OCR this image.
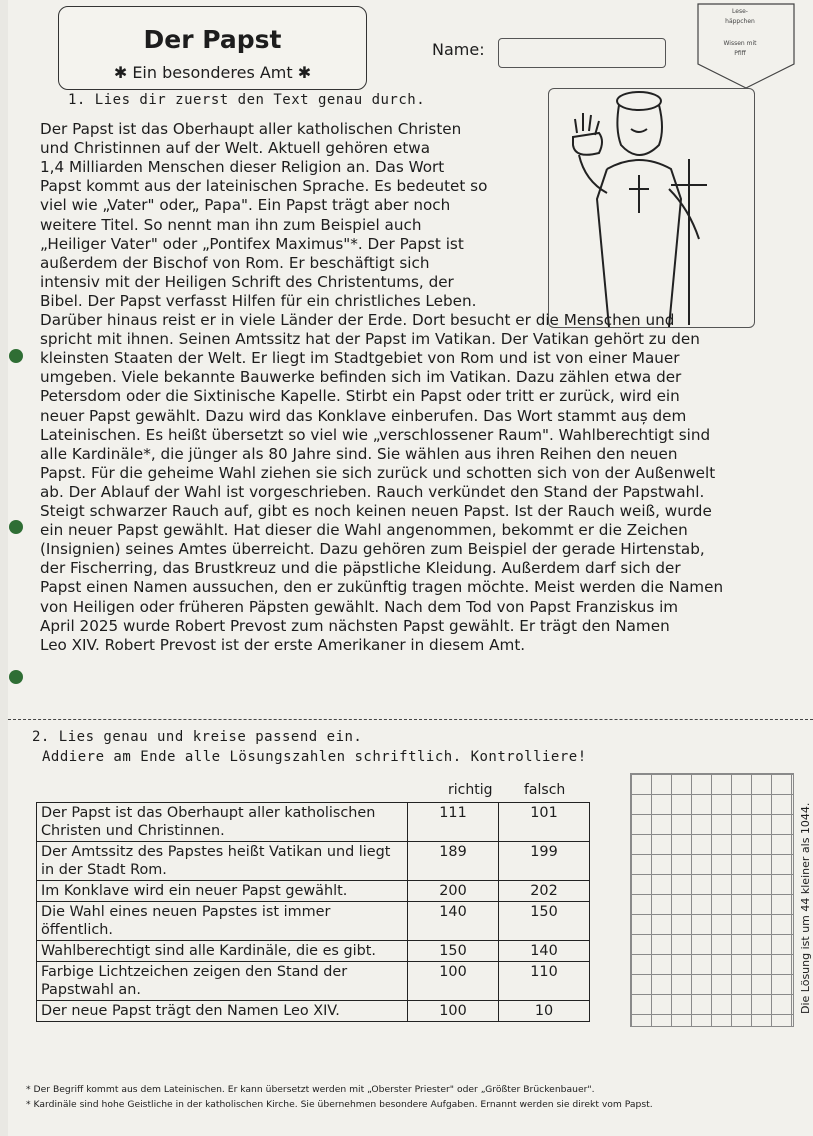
Der Papst
✱ Ein besonderes Amt ✱
Name:
Lese-
häppchen
Wissen mit
Pfiff
1. Lies dir zuerst den Text genau durch.
Der Papst ist das Oberhaupt aller katholischen Christen
und Christinnen auf der Welt. Aktuell gehören etwa
1,4 Milliarden Menschen dieser Religion an. Das Wort
Papst kommt aus der lateinischen Sprache. Es bedeutet so
viel wie „Vater" oder„ Papa". Ein Papst trägt aber noch
weitere Titel. So nennt man ihn zum Beispiel auch
„Heiliger Vater" oder „Pontifex Maximus"*. Der Papst ist
außerdem der Bischof von Rom. Er beschäftigt sich
intensiv mit der Heiligen Schrift des Christentums, der
Bibel. Der Papst verfasst Hilfen für ein christliches Leben.
Darüber hinaus reist er in viele Länder der Erde. Dort besucht er die Menschen und
spricht mit ihnen. Seinen Amtssitz hat der Papst im Vatikan. Der Vatikan gehört zu den
kleinsten Staaten der Welt. Er liegt im Stadtgebiet von Rom und ist von einer Mauer
umgeben. Viele bekannte Bauwerke befinden sich im Vatikan. Dazu zählen etwa der
Petersdom oder die Sixtinische Kapelle. Stirbt ein Papst oder tritt er zurück, wird ein
neuer Papst gewählt. Dazu wird das Konklave einberufen. Das Wort stammt auș dem
Lateinischen. Es heißt übersetzt so viel wie „verschlossener Raum". Wahlberechtigt sind
alle Kardinäle*, die jünger als 80 Jahre sind. Sie wählen aus ihren Reihen den neuen
Papst. Für die geheime Wahl ziehen sie sich zurück und schotten sich von der Außenwelt
ab. Der Ablauf der Wahl ist vorgeschrieben. Rauch verkündet den Stand der Papstwahl.
Steigt schwarzer Rauch auf, gibt es noch keinen neuen Papst. Ist der Rauch weiß, wurde
ein neuer Papst gewählt. Hat dieser die Wahl angenommen, bekommt er die Zeichen
(Insignien) seines Amtes überreicht. Dazu gehören zum Beispiel der gerade Hirtenstab,
der Fischerring, das Brustkreuz und die päpstliche Kleidung. Außerdem darf sich der
Papst einen Namen aussuchen, den er zukünftig tragen möchte. Meist werden die Namen
von Heiligen oder früheren Päpsten gewählt. Nach dem Tod von Papst Franziskus im
April 2025 wurde Robert Prevost zum nächsten Papst gewählt. Er trägt den Namen
Leo XIV. Robert Prevost ist der erste Amerikaner in diesem Amt.
2. Lies genau und kreise passend ein.
Addiere am Ende alle Lösungszahlen schriftlich. Kontrolliere!
richtig falsch
Der Papst ist das Oberhaupt aller katholischen Christen und Christinnen.	111	101
Der Amtssitz des Papstes heißt Vatikan und liegt in der Stadt Rom.	189	199
Im Konklave wird ein neuer Papst gewählt.	200	202
Die Wahl eines neuen Papstes ist immer öffentlich.	140	150
Wahlberechtigt sind alle Kardinäle, die es gibt.	150	140
Farbige Lichtzeichen zeigen den Stand der Papstwahl an.	100	110
Der neue Papst trägt den Namen Leo XIV.	100	10	Die Lösung ist um 44 kleiner als 1044.
* Der Begriff kommt aus dem Lateinischen. Er kann übersetzt werden mit „Oberster Priester" oder „Größter Brückenbauer".
* Kardinäle sind hohe Geistliche in der katholischen Kirche. Sie übernehmen besondere Aufgaben. Ernannt werden sie direkt vom Papst.
